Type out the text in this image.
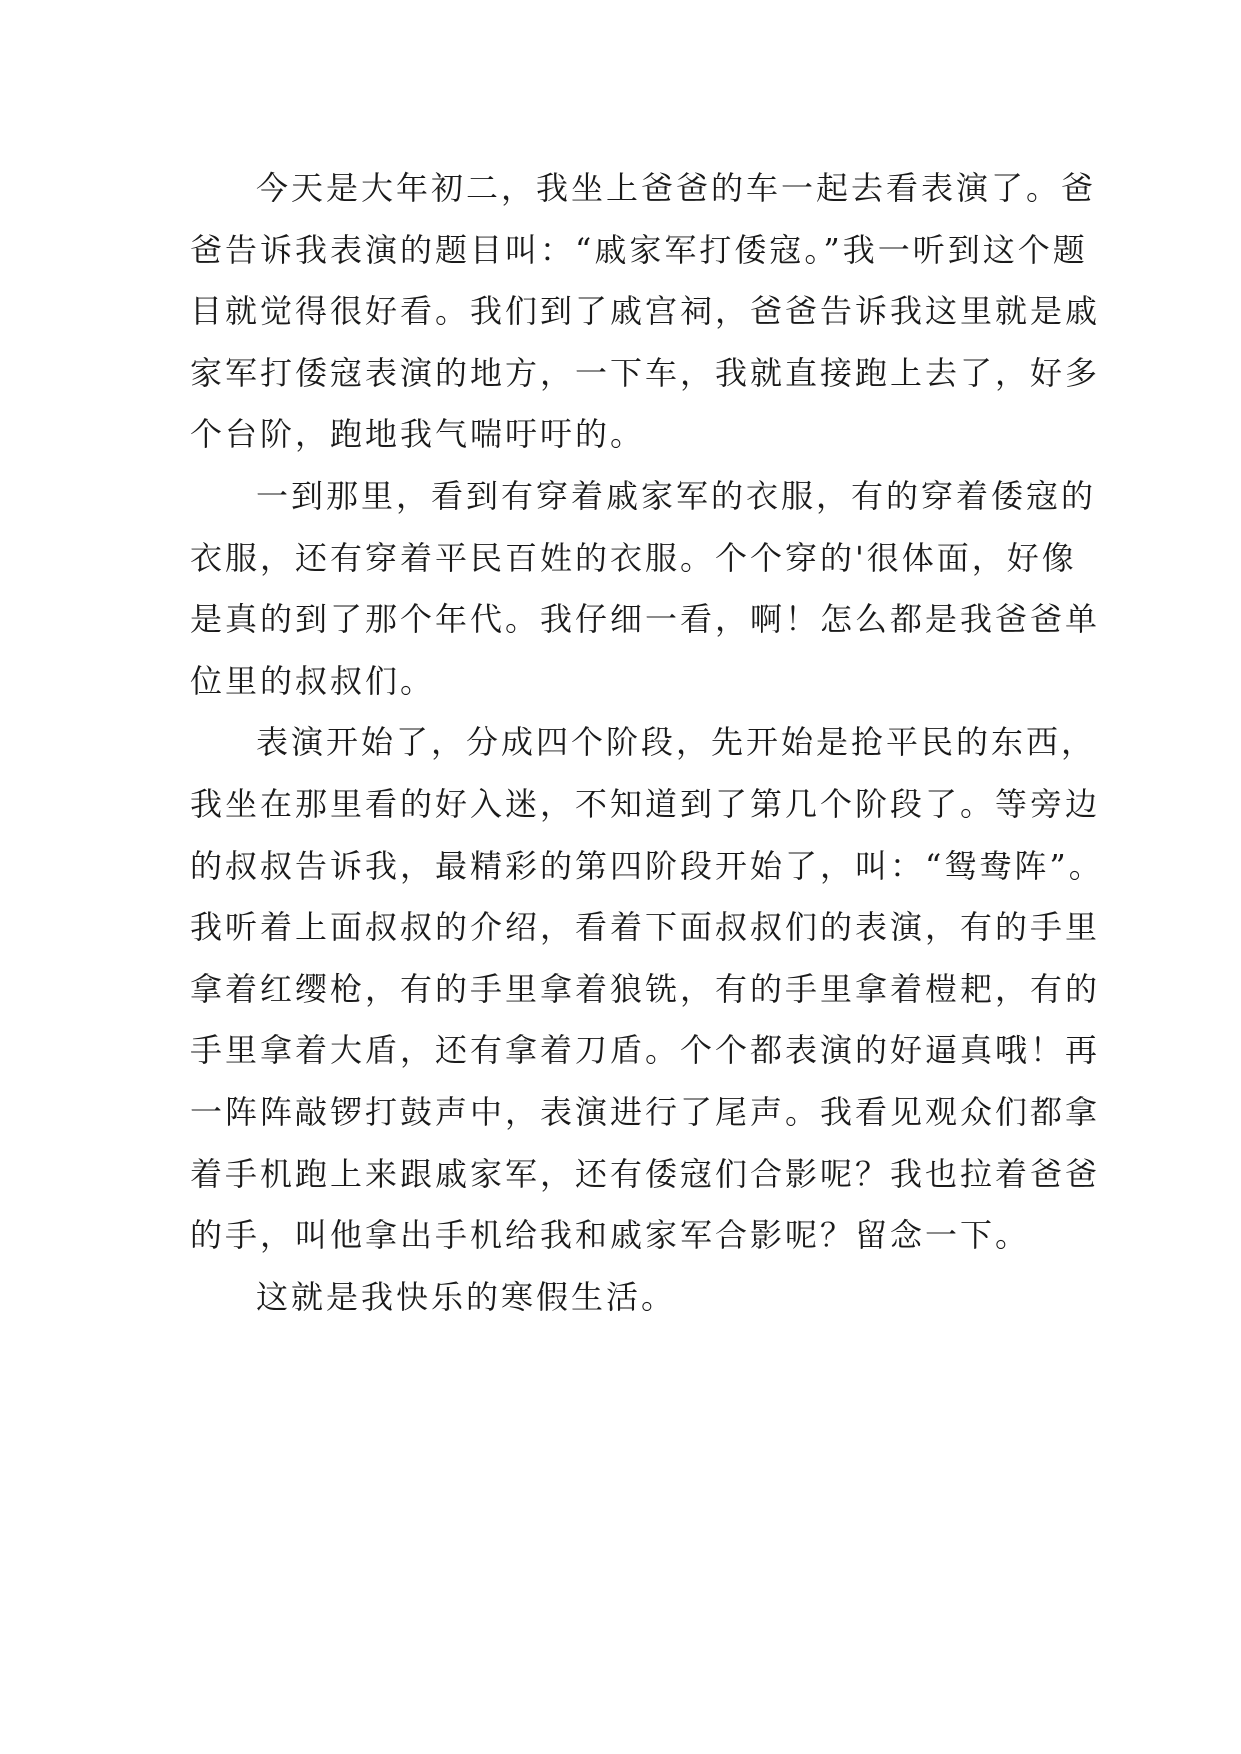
今天是大年初二，我坐上爸爸的车一起去看表演了。爸
爸告诉我表演的题目叫：“戚家军打倭寇。”我一听到这个题
目就觉得很好看。我们到了戚宫祠，爸爸告诉我这里就是戚
家军打倭寇表演的地方，一下车，我就直接跑上去了，好多
个台阶，跑地我气喘吁吁的。
一到那里，看到有穿着戚家军的衣服，有的穿着倭寇的
衣服，还有穿着平民百姓的衣服。个个穿的'很体面，好像
是真的到了那个年代。我仔细一看，啊！怎么都是我爸爸单
位里的叔叔们。
表演开始了，分成四个阶段，先开始是抢平民的东西，
我坐在那里看的好入迷，不知道到了第几个阶段了。等旁边
的叔叔告诉我，最精彩的第四阶段开始了，叫：“鸳鸯阵”。
我听着上面叔叔的介绍，看着下面叔叔们的表演，有的手里
拿着红缨枪，有的手里拿着狼铣，有的手里拿着榿耙，有的
手里拿着大盾，还有拿着刀盾。个个都表演的好逼真哦！再
一阵阵敲锣打鼓声中，表演进行了尾声。我看见观众们都拿
着手机跑上来跟戚家军，还有倭寇们合影呢？我也拉着爸爸
的手，叫他拿出手机给我和戚家军合影呢？留念一下。
这就是我快乐的寒假生活。
